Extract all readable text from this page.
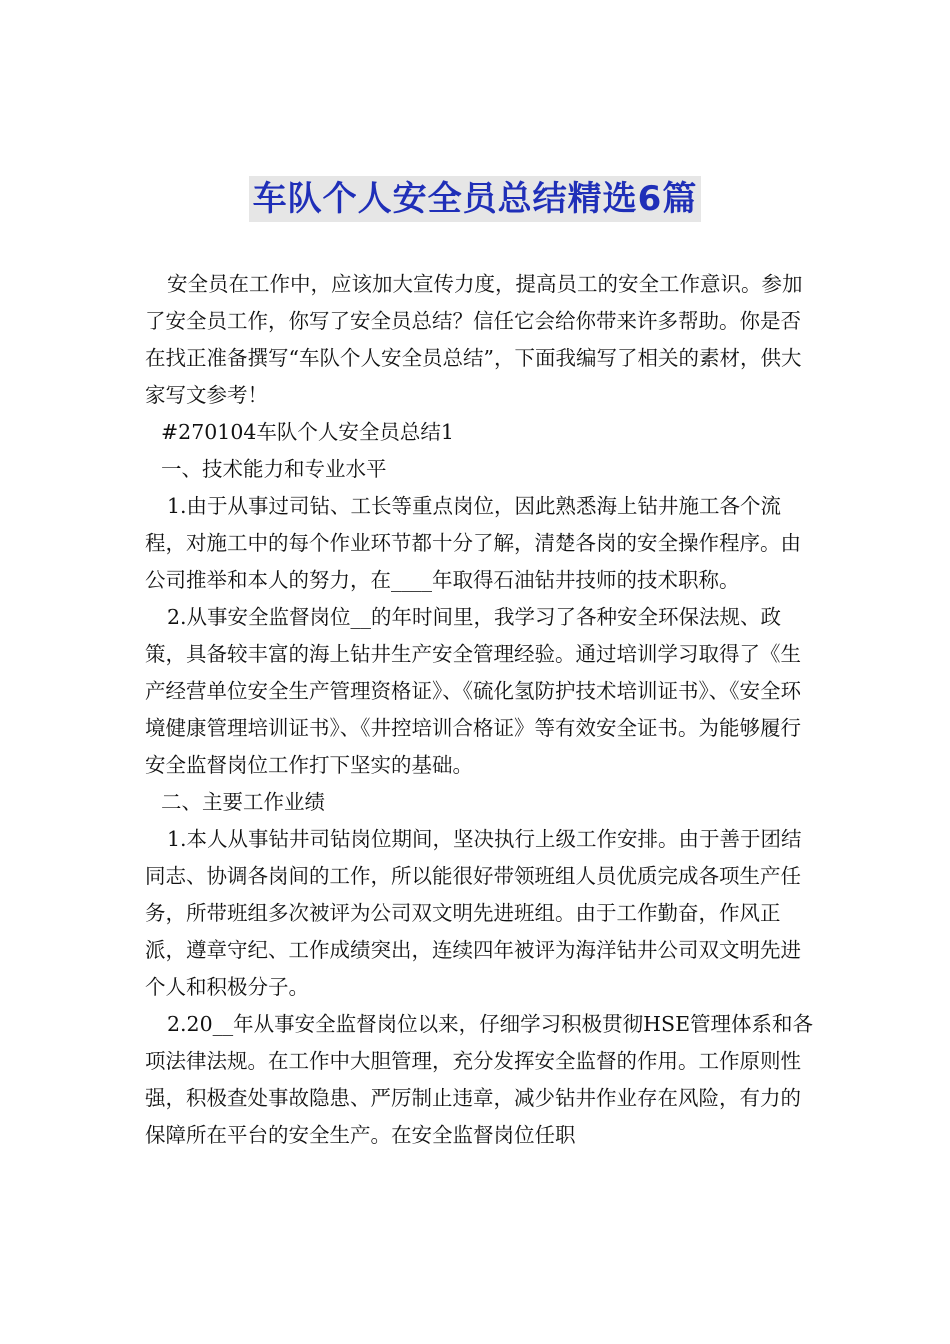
车队个人安全员总结精选6篇

安全员在工作中，应该加大宣传力度，提高员工的安全工作意识。参加了安全员工作，你写了安全员总结？信任它会给你带来许多帮助。你是否在找正准备撰写“车队个人安全员总结”，下面我编写了相关的素材，供大家写文参考！

#270104车队个人安全员总结1

一、技术能力和专业水平

1.由于从事过司钻、工长等重点岗位，因此熟悉海上钻井施工各个流程，对施工中的每个作业环节都十分了解，清楚各岗的安全操作程序。由公司推举和本人的努力，在____年取得石油钻井技师的技术职称。

2.从事安全监督岗位__的年时间里，我学习了各种安全环保法规、政策，具备较丰富的海上钻井生产安全管理经验。通过培训学习取得了《生产经营单位安全生产管理资格证》、《硫化氢防护技术培训证书》、《安全环境健康管理培训证书》、《井控培训合格证》等有效安全证书。为能够履行安全监督岗位工作打下坚实的基础。

二、主要工作业绩

1.本人从事钻井司钻岗位期间，坚决执行上级工作安排。由于善于团结同志、协调各岗间的工作，所以能很好带领班组人员优质完成各项生产任务，所带班组多次被评为公司双文明先进班组。由于工作勤奋，作风正派，遵章守纪、工作成绩突出，连续四年被评为海洋钻井公司双文明先进个人和积极分子。

2.20__年从事安全监督岗位以来，仔细学习积极贯彻HSE管理体系和各项法律法规。在工作中大胆管理，充分发挥安全监督的作用。工作原则性强，积极查处事故隐患、严厉制止违章，减少钻井作业存在风险，有力的保障所在平台的安全生产。在安全监督岗位任职
